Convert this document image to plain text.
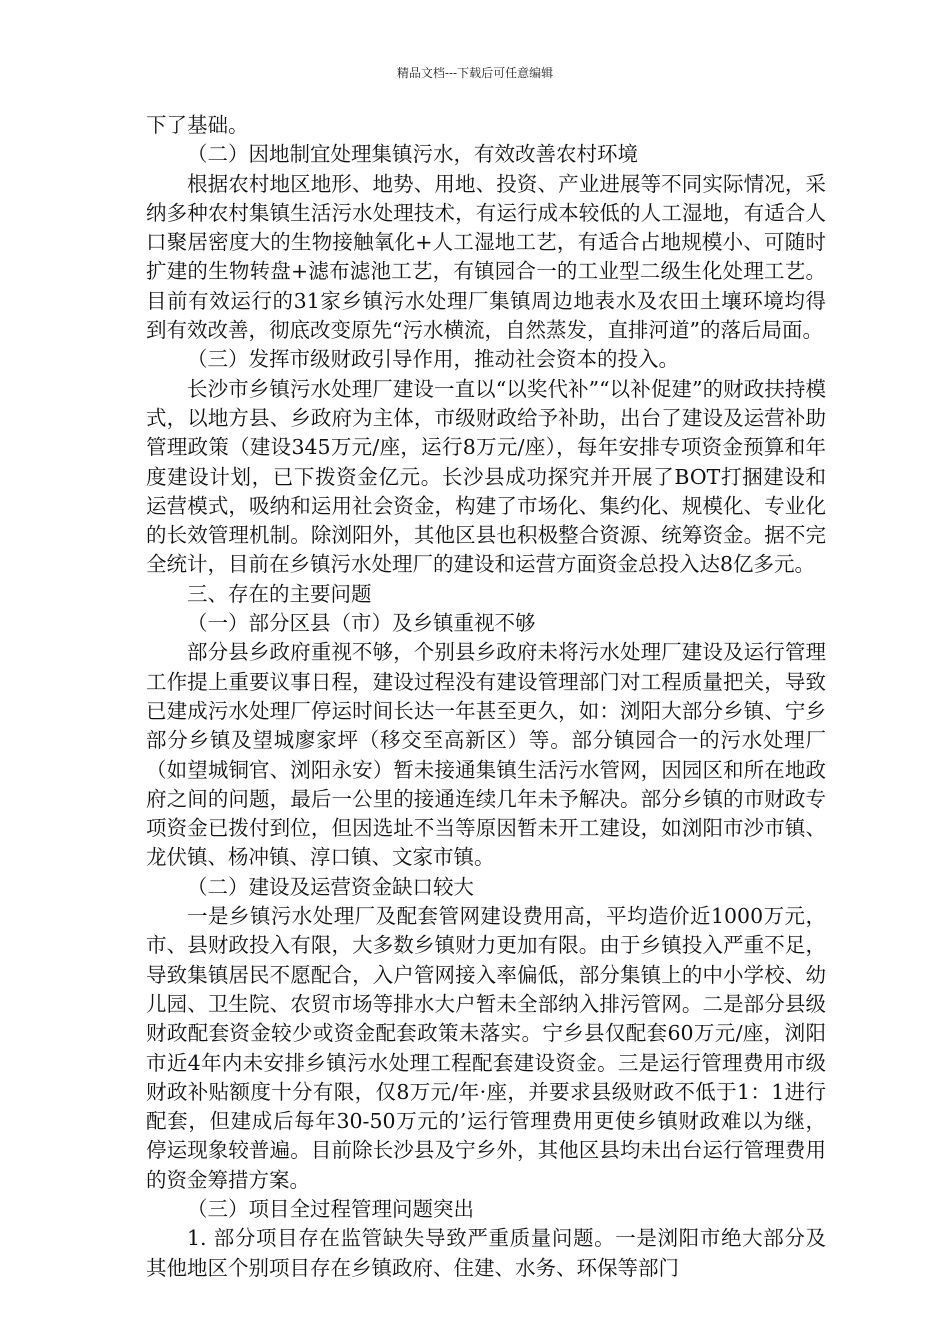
精品文档---下载后可任意编辑

下了基础。

（二）因地制宜处理集镇污水，有效改善农村环境

根据农村地区地形、地势、用地、投资、产业进展等不同实际情况，采纳多种农村集镇生活污水处理技术，有运行成本较低的人工湿地，有适合人口聚居密度大的生物接触氧化+人工湿地工艺，有适合占地规模小、可随时扩建的生物转盘+滤布滤池工艺，有镇园合一的工业型二级生化处理工艺。目前有效运行的31家乡镇污水处理厂集镇周边地表水及农田土壤环境均得到有效改善，彻底改变原先“污水横流，自然蒸发，直排河道”的落后局面。

（三）发挥市级财政引导作用，推动社会资本的投入。

长沙市乡镇污水处理厂建设一直以“以奖代补”“以补促建”的财政扶持模式，以地方县、乡政府为主体，市级财政给予补助，出台了建设及运营补助管理政策（建设345万元/座，运行8万元/座），每年安排专项资金预算和年度建设计划，已下拨资金亿元。长沙县成功探究并开展了BOT打捆建设和运营模式，吸纳和运用社会资金，构建了市场化、集约化、规模化、专业化的长效管理机制。除浏阳外，其他区县也积极整合资源、统筹资金。据不完全统计，目前在乡镇污水处理厂的建设和运营方面资金总投入达8亿多元。

三、存在的主要问题

（一）部分区县（市）及乡镇重视不够

部分县乡政府重视不够，个别县乡政府未将污水处理厂建设及运行管理工作提上重要议事日程，建设过程没有建设管理部门对工程质量把关，导致已建成污水处理厂停运时间长达一年甚至更久，如：浏阳大部分乡镇、宁乡部分乡镇及望城廖家坪（移交至高新区）等。部分镇园合一的污水处理厂（如望城铜官、浏阳永安）暂未接通集镇生活污水管网，因园区和所在地政府之间的问题，最后一公里的接通连续几年未予解决。部分乡镇的市财政专项资金已拨付到位，但因选址不当等原因暂未开工建设，如浏阳市沙市镇、龙伏镇、杨冲镇、淳口镇、文家市镇。

（二）建设及运营资金缺口较大

一是乡镇污水处理厂及配套管网建设费用高，平均造价近1000万元，市、县财政投入有限，大多数乡镇财力更加有限。由于乡镇投入严重不足，导致集镇居民不愿配合，入户管网接入率偏低，部分集镇上的中小学校、幼儿园、卫生院、农贸市场等排水大户暂未全部纳入排污管网。二是部分县级财政配套资金较少或资金配套政策未落实。宁乡县仅配套60万元/座，浏阳市近4年内未安排乡镇污水处理工程配套建设资金。三是运行管理费用市级财政补贴额度十分有限，仅8万元/年·座，并要求县级财政不低于1：1进行配套，但建成后每年30-50万元的’运行管理费用更使乡镇财政难以为继，停运现象较普遍。目前除长沙县及宁乡外，其他区县均未出台运行管理费用的资金筹措方案。

（三）项目全过程管理问题突出

1. 部分项目存在监管缺失导致严重质量问题。一是浏阳市绝大部分及其他地区个别项目存在乡镇政府、住建、水务、环保等部门
